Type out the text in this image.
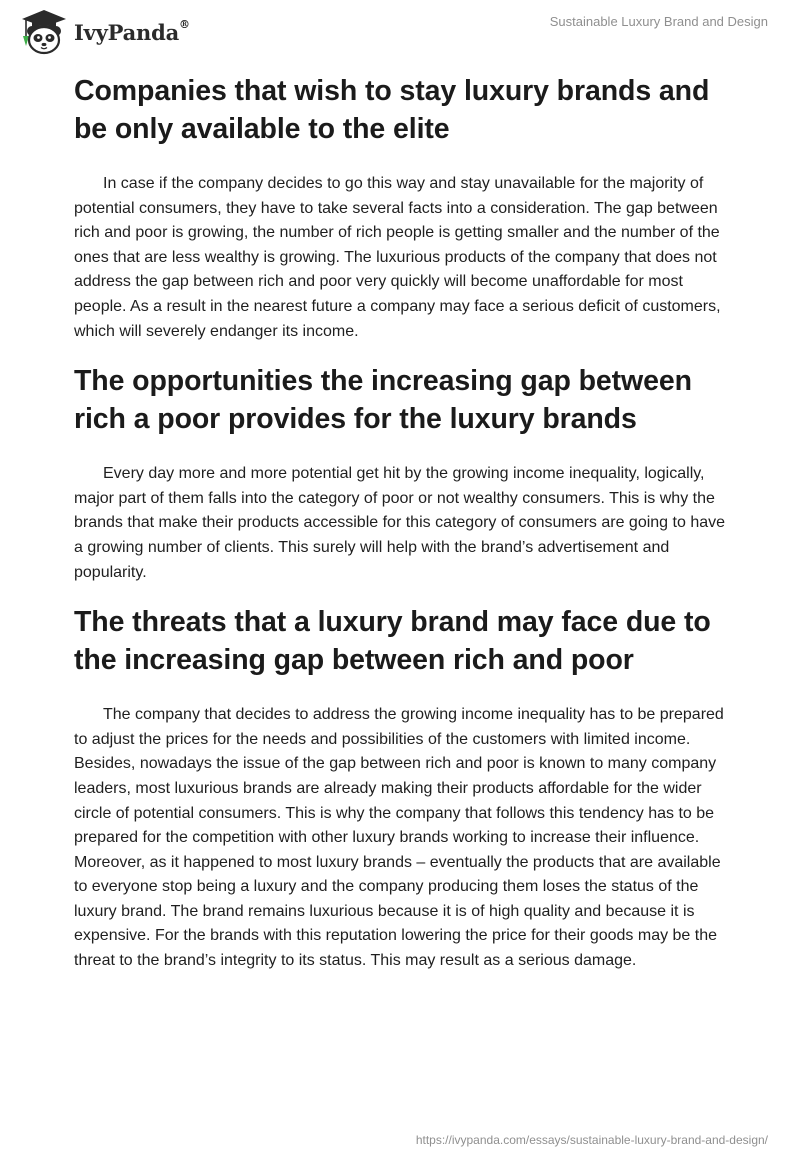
IvyPanda®	Sustainable Luxury Brand and Design
Companies that wish to stay luxury brands and be only available to the elite

In case if the company decides to go this way and stay unavailable for the majority of potential consumers, they have to take several facts into a consideration. The gap between rich and poor is growing, the number of rich people is getting smaller and the number of the ones that are less wealthy is growing. The luxurious products of the company that does not address the gap between rich and poor very quickly will become unaffordable for most people. As a result in the nearest future a company may face a serious deficit of customers, which will severely endanger its income.

The opportunities the increasing gap between rich a poor provides for the luxury brands

Every day more and more potential get hit by the growing income inequality, logically, major part of them falls into the category of poor or not wealthy consumers. This is why the brands that make their products accessible for this category of consumers are going to have a growing number of clients. This surely will help with the brand’s advertisement and popularity.

The threats that a luxury brand may face due to the increasing gap between rich and poor

The company that decides to address the growing income inequality has to be prepared to adjust the prices for the needs and possibilities of the customers with limited income. Besides, nowadays the issue of the gap between rich and poor is known to many company leaders, most luxurious brands are already making their products affordable for the wider circle of potential consumers. This is why the company that follows this tendency has to be prepared for the competition with other luxury brands working to increase their influence. Moreover, as it happened to most luxury brands – eventually the products that are available to everyone stop being a luxury and the company producing them loses the status of the luxury brand. The brand remains luxurious because it is of high quality and because it is expensive. For the brands with this reputation lowering the price for their goods may be the threat to the brand’s integrity to its status. This may result as a serious damage.

https://ivypanda.com/essays/sustainable-luxury-brand-and-design/
